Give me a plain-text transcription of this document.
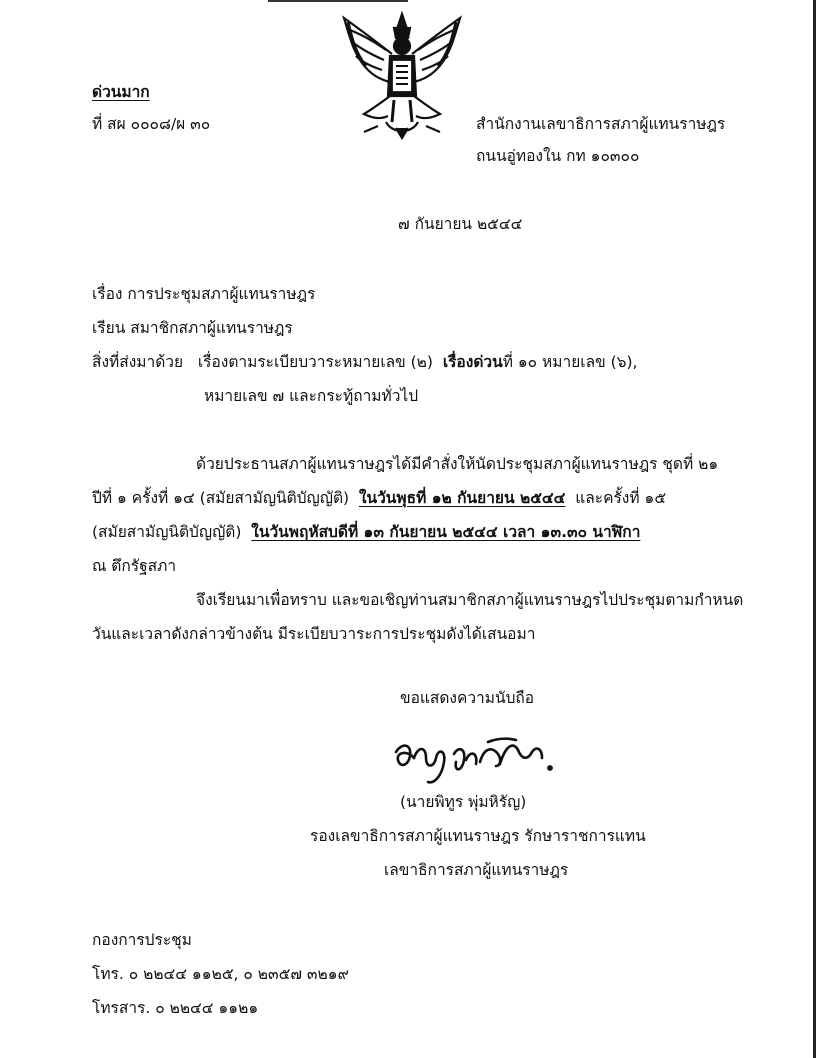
ด่วนมาก
ที่ สผ ๐๐๐๘/ผ ๓๐	สำนักงานเลขาธิการสภาผู้แทนราษฎร
ถนนอู่ทองใน กท ๑๐๓๐๐
๗ กันยายน ๒๕๔๔
เรื่อง การประชุมสภาผู้แทนราษฎร
เรียน สมาชิกสภาผู้แทนราษฎร
สิ่งที่ส่งมาด้วย เรื่องตามระเบียบวาระหมายเลข (๒) เรื่องด่วนที่ ๑๐ หมายเลข (๖),
หมายเลข ๗ และกระทู้ถามทั่วไป
ด้วยประธานสภาผู้แทนราษฎรได้มีคำสั่งให้นัดประชุมสภาผู้แทนราษฎร ชุดที่ ๒๑
ปีที่ ๑ ครั้งที่ ๑๔ (สมัยสามัญนิติบัญญัติ) ในวันพุธที่ ๑๒ กันยายน ๒๕๔๔ และครั้งที่ ๑๕
(สมัยสามัญนิติบัญญัติ) ในวันพฤหัสบดีที่ ๑๓ กันยายน ๒๕๔๔ เวลา ๑๓.๓๐ นาฬิกา
ณ ตึกรัฐสภา
จึงเรียนมาเพื่อทราบ และขอเชิญท่านสมาชิกสภาผู้แทนราษฎรไปประชุมตามกำหนด
วันและเวลาดังกล่าวข้างต้น มีระเบียบวาระการประชุมดังได้เสนอมา
ขอแสดงความนับถือ
(นายพิทูร พุ่มหิรัญ)
รองเลขาธิการสภาผู้แทนราษฎร รักษาราชการแทน
เลขาธิการสภาผู้แทนราษฎร
กองการประชุม
โทร. ๐ ๒๒๔๔ ๑๑๒๕, ๐ ๒๓๕๗ ๓๒๑๙
โทรสาร. ๐ ๒๒๔๔ ๑๑๒๑
